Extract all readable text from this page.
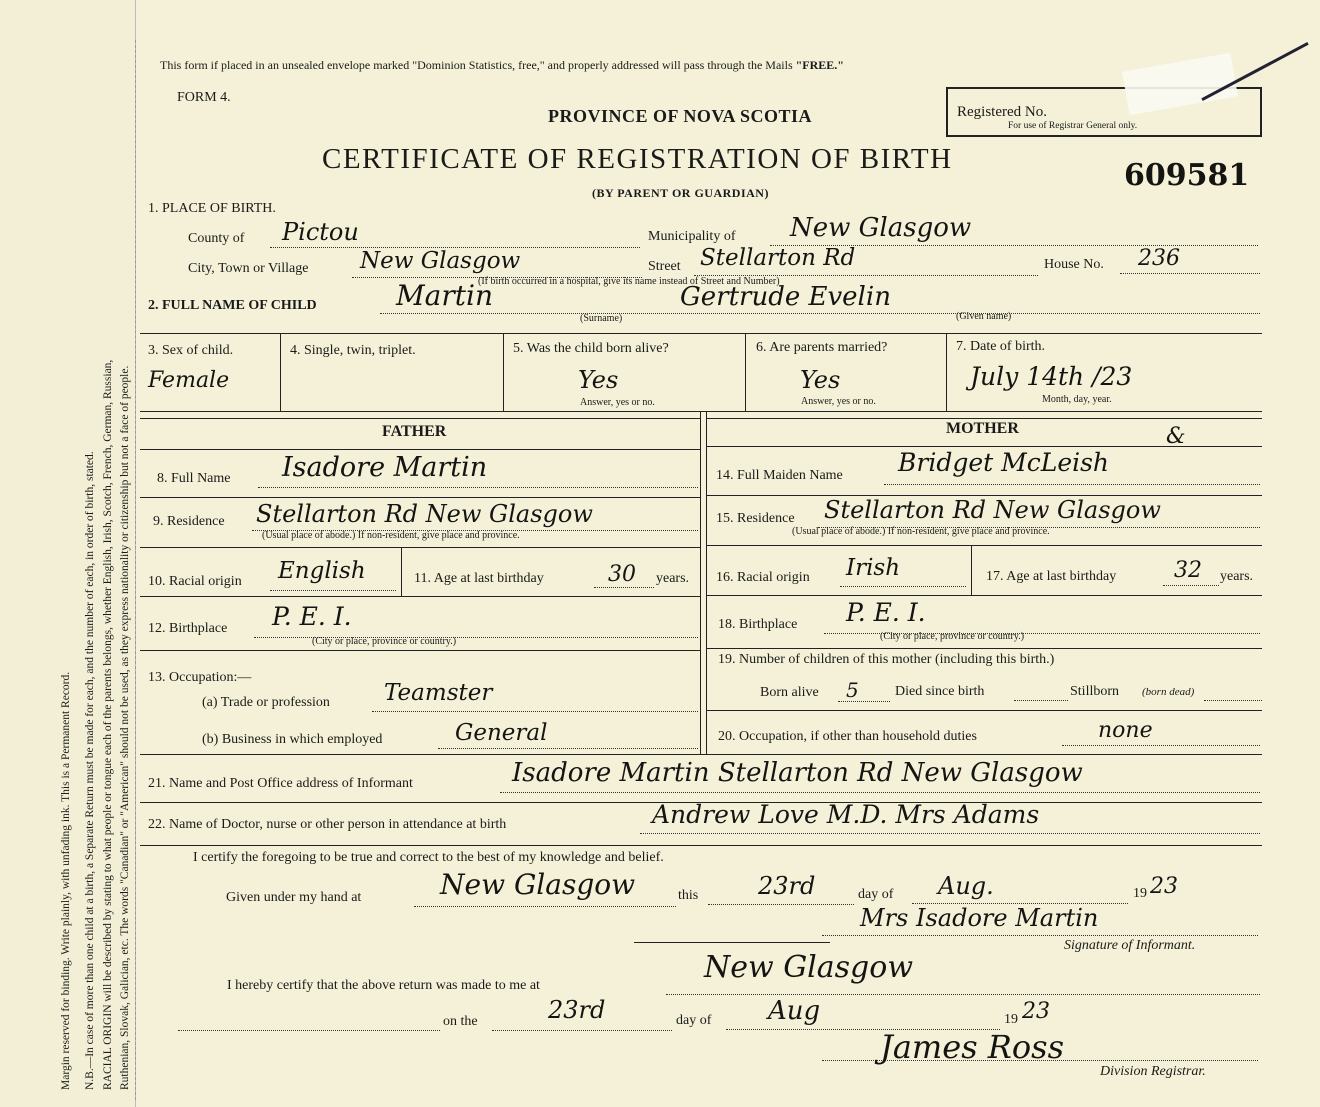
Margin reserved for binding. Write plainly, with unfading ink. This is a Permanent Record. N.B.—In case of more than one child at a birth, a Separate Return must be made for each, and the number of each, in order of birth, stated. RACIAL ORIGIN will be described by stating to what people or tongue each of the parents belongs, whether English, Irish, Scotch, French, German, Russian, Ruthenian, Slovak, Galician, etc. The words "Canadian" or "American" should not be used, as they express nationality or citizenship but not a face of people.
This form if placed in an unsealed envelope marked "Dominion Statistics, free," and properly addressed will pass through the Mails "FREE."
FORM 4.
PROVINCE OF NOVA SCOTIA
CERTIFICATE OF REGISTRATION OF BIRTH
(BY PARENT OR GUARDIAN)
Registered No.
For use of Registrar General only.
609581
1. PLACE OF BIRTH.
County of Pictou	Municipality of New Glasgow
City, Town or Village New Glasgow	Street Stellarton Rd	House No. 236
(If birth occurred in a hospital, give its name instead of Street and Number)
2. FULL NAME OF CHILD	Martin	Gertrude Evelin
(Surname)	(Given name)
3. Sex of child.
Female
4. Single, twin, triplet.	5. Was the child born alive?
Yes
Answer, yes or no.
6. Are parents married?
Yes
Answer, yes or no.
7. Date of birth.
July 14th /23
Month, day, year.
FATHER	MOTHER
8. Full Name Isadore Martin
9. Residence Stellarton Rd New Glasgow
(Usual place of abode.) If non-resident, give place and province.
10. Racial origin English	11. Age at last birthday	30 years.
12. Birthplace P. E. I.
(City or place, province or country.)
13. Occupation:—
(a) Trade or profession Teamster
(b) Business in which employed	General
&
14. Full Maiden Name Bridget McLeish
15. Residence Stellarton Rd New Glasgow
(Usual place of abode.) If non-resident, give place and province.
16. Racial origin Irish	17. Age at last birthday	32 years.
18. Birthplace P. E. I.
(City or place, province or country.)
19. Number of children of this mother (including this birth.)
Born alive 5	Died since birth	Stillborn (born dead)
20. Occupation, if other than household duties	none
21. Name and Post Office address of Informant	Isadore Martin Stellarton Rd New Glasgow
22. Name of Doctor, nurse or other person in attendance at birth	Andrew Love M.D. Mrs Adams
I certify the foregoing to be true and correct to the best of my knowledge and belief.
Given under my hand at	New Glasgow	this 23rd	day of Aug.	19 23
Mrs Isadore Martin
Signature of Informant.
I hereby certify that the above return was made to me at
New Glasgow
on the	23rd	day of Aug	19 23
James Ross
Division Registrar.
